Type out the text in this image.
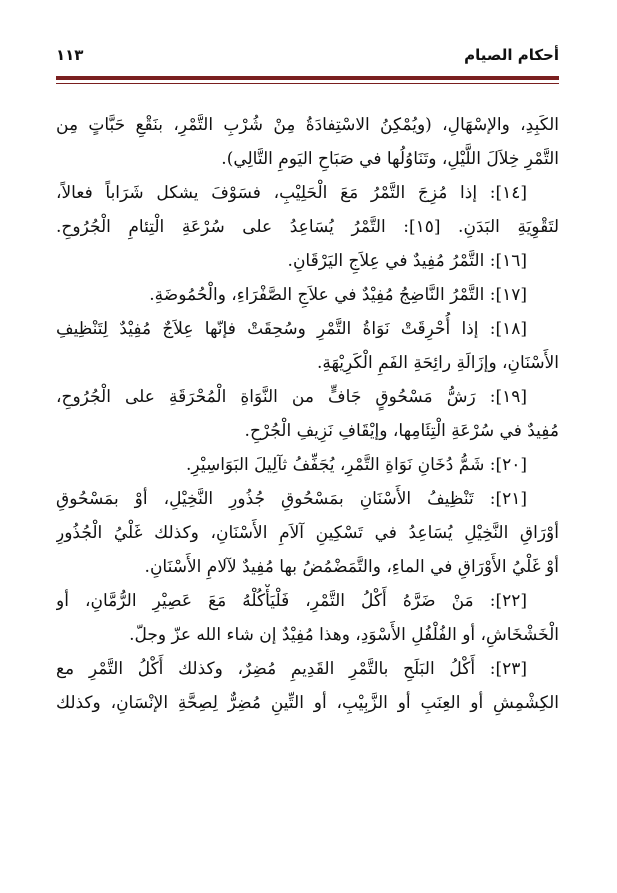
أحكام الصيام
١١٣
الكَبِدِ، والإسْهَالِ، (ويُمْكِنُ الاسْتِفادَةُ مِنْ شُرْبِ التَّمْرِ، بنَقْعِ حَبَّاتٍ مِن
التَّمْرِ خِلاَلَ اللَّيْلِ، وتَنَاوُلُها في صَبَاحِ اليَومِ التَّالِي).
[١٤]: إذا مُزِجَ التَّمْرُ مَعَ الْحَلِيْبِ، فسَوْفَ يشكل شَرَاباً فعالاً،
لتَقْوِيَةِ البَدَنِ. [١٥]: التَّمْرُ يُسَاعِدُ على سُرْعَةِ الْتِئامِ الْجُرُوحِ.
[١٦]: التَّمْرُ مُفِيدٌ في عِلاَجِ اليَرْقَانِ.
[١٧]: التَّمْرُ النَّاضِجُ مُفِيْدٌ في علاَجِ الصَّفْرَاءِ، والْحُمُوضَةِ.
[١٨]: إذا أُحْرِقَتْ نَوَاةُ التَّمْرِ وسُحِقَتْ فإنّها عِلاَجٌ مُفِيْدٌ لِتَنْظِيفِ
الأَسْنَانِ، وإزَالَةِ رائِحَةِ الفَمِ الْكَرِيْهَةِ.
[١٩]: رَشُّ مَسْحُوقٍ جَافٍّ من النَّوَاةِ الْمُحْرَقَةِ على الْجُرُوحِ،
مُفِيدٌ في سُرْعَةِ الْتِئَامِها، وإيْقَافِ نَزِيفِ الْجُرْحِ.
[٢٠]: شَمُّ دُخَانِ نَوَاةِ التَّمْرِ، يُجَفِّفُ ثآلِيلَ البَوَاسِيْرِ.
[٢١]: تَنْظِيفُ الأَسْنَانِ بمَسْحُوقِ جُذُورِ النَّخِيْلِ، أوْ بمَسْحُوقِ
أوْرَاقِ النَّخِيْلِ يُسَاعِدُ في تَسْكِينِ آلاَمِ الأَسْنَانِ، وكذلك غَلْيُ الْجُذُورِ
أوْ غَلْيُ الأَوْرَاقِ في الماءِ، والتَّمَضْمُضُ بها مُفِيدٌ لآلامِ الأَسْنَانِ.
[٢٢]: مَنْ ضَرَّهُ أَكْلُ التَّمْرِ، فَلْيَأْكُلْهُ مَعَ عَصِيْرِ الرُّمَّانِ، أو
الْخَشْخَاشِ، أو الفُلْفُلِ الأَسْوَدِ، وهذا مُفِيْدٌ إن شاء الله عزّ وجلّ.
[٢٣]: أَكْلُ البَلَحِ بالتَّمْرِ القَدِيمِ مُضِرٌ، وكذلك أَكْلُ التَّمْرِ مع
الكِشْمِشِ أو العِنَبِ أو الزَّبِيْبِ، أو التِّينِ مُضِرٌّ لِصِحَّةِ الإنْسَانِ، وكذلك
